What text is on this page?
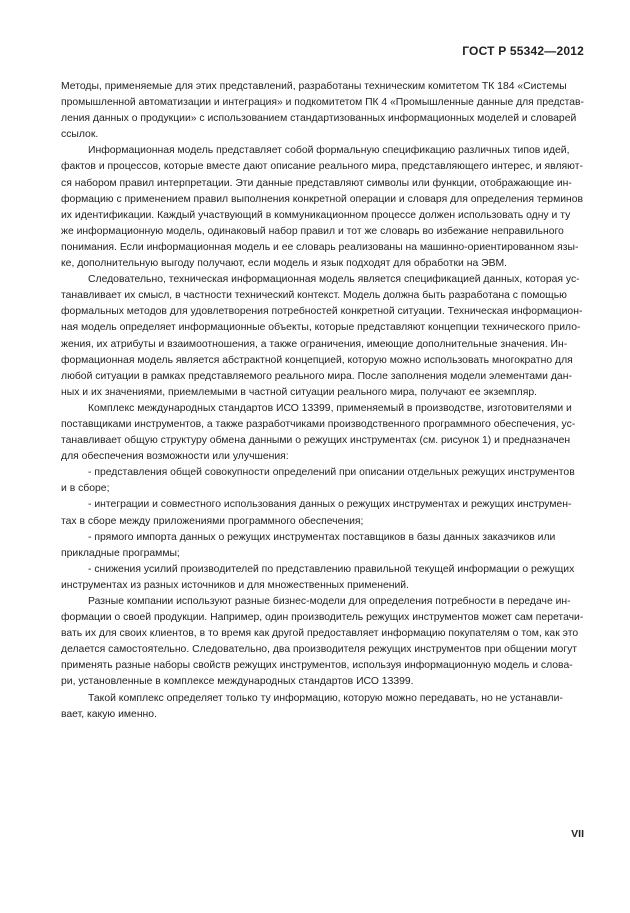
ГОСТ Р 55342—2012
Методы, применяемые для этих представлений, разработаны техническим комитетом ТК 184 «Системы
промышленной автоматизации и интеграция» и подкомитетом ПК 4 «Промышленные данные для представ-
ления данных о продукции» с использованием стандартизованных информационных моделей и словарей
ссылок.
Информационная модель представляет собой формальную спецификацию различных типов идей,
фактов и процессов, которые вместе дают описание реального мира, представляющего интерес, и являют-
ся набором правил интерпретации. Эти данные представляют символы или функции, отображающие ин-
формацию с применением правил выполнения конкретной операции и словаря для определения терминов
их идентификации. Каждый участвующий в коммуникационном процессе должен использовать одну и ту
же информационную модель, одинаковый набор правил и тот же словарь во избежание неправильного
понимания. Если информационная модель и ее словарь реализованы на машинно-ориентированном язы-
ке, дополнительную выгоду получают, если модель и язык подходят для обработки на ЭВМ.
Следовательно, техническая информационная модель является спецификацией данных, которая ус-
танавливает их смысл, в частности технический контекст. Модель должна быть разработана с помощью
формальных методов для удовлетворения потребностей конкретной ситуации. Техническая информацион-
ная модель определяет информационные объекты, которые представляют концепции технического прило-
жения, их атрибуты и взаимоотношения, а также ограничения, имеющие дополнительные значения. Ин-
формационная модель является абстрактной концепцией, которую можно использовать многократно для
любой ситуации в рамках представляемого реального мира. После заполнения модели элементами дан-
ных и их значениями, приемлемыми в частной ситуации реального мира, получают ее экземпляр.
Комплекс международных стандартов ИСО 13399, применяемый в производстве, изготовителями и
поставщиками инструментов, а также разработчиками производственного программного обеспечения, ус-
танавливает общую структуру обмена данными о режущих инструментах (см. рисунок 1) и предназначен
для обеспечения возможности или улучшения:
- представления общей совокупности определений при описании отдельных режущих инструментов
и в сборе;
- интеграции и совместного использования данных о режущих инструментах и режущих инструмен-
тах в сборе между приложениями программного обеспечения;
- прямого импорта данных о режущих инструментах поставщиков в базы данных заказчиков или
прикладные программы;
- снижения усилий производителей по представлению правильной текущей информации о режущих
инструментах из разных источников и для множественных применений.
Разные компании используют разные бизнес-модели для определения потребности в передаче ин-
формации о своей продукции. Например, один производитель режущих инструментов может сам перетачи-
вать их для своих клиентов, в то время как другой предоставляет информацию покупателям о том, как это
делается самостоятельно. Следовательно, два производителя режущих инструментов при общении могут
применять разные наборы свойств режущих инструментов, используя информационную модель и слова-
ри, установленные в комплексе международных стандартов ИСО 13399.
Такой комплекс определяет только ту информацию, которую можно передавать, но не устанавли-
вает, какую именно.
VII
